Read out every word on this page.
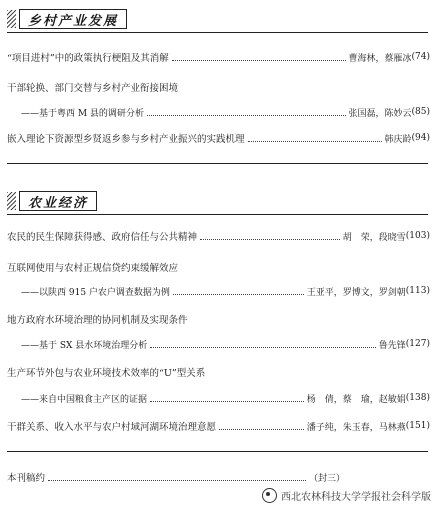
乡村产业发展
“项目进村”中的政策执行梗阻及其消解	曹海林，蔡雁冰 (74)
干部轮换、部门交替与乡村产业衔接困境
——基于粤西 M 县的调研分析	张国磊，陈妙云 (85)
嵌入理论下资源型乡贤返乡参与乡村产业振兴的实践机理	韩庆龄 (94)
农业经济
农民的民生保障获得感、政府信任与公共精神	胡　荣，段晓雪 (103)
互联网使用与农村正规信贷约束缓解效应
——以陕西 915 户农户调查数据为例	王亚平，罗博文，罗剑朝 (113)
地方政府水环境治理的协同机制及实现条件
——基于 SX 县水环境治理分析	鲁先锋 (127)
生产环节外包与农业环境技术效率的“U”型关系
——来自中国粮食主产区的证据	杨　倩，蔡　瑜，赵敏娟 (138)
干群关系、收入水平与农户村域河湖环境治理意愿	潘子纯，朱玉春，马林燕 (151)
本刊稿约	（封三）
西北农林科技大学学报社会科学版
